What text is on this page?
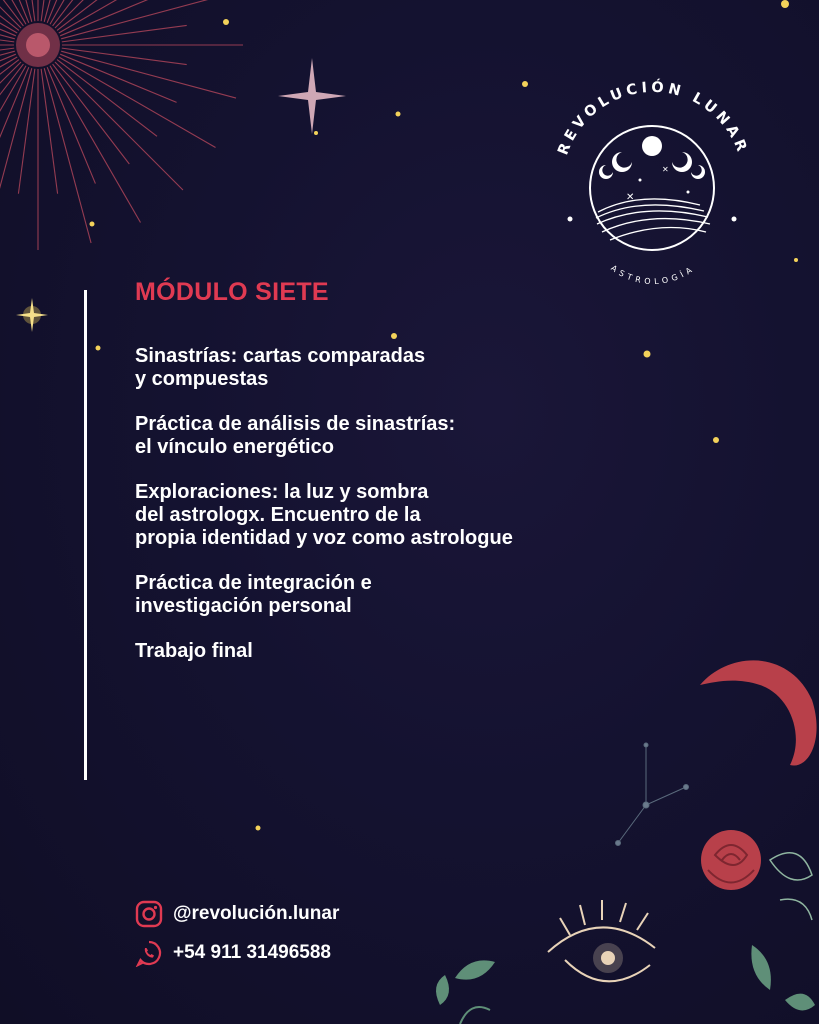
REVOLUCIÓN LUNAR
ASTROLOGÍA
✕
✕
MÓDULO SIETE
Sinastrías: cartas comparadas
y compuestas
Práctica de análisis de sinastrías:
el vínculo energético
Exploraciones: la luz y sombra
del astrologx. Encuentro de la
propia identidad y voz como astrologue
Práctica de integración e
investigación personal
Trabajo final
@revolución.lunar
+54 911 31496588
